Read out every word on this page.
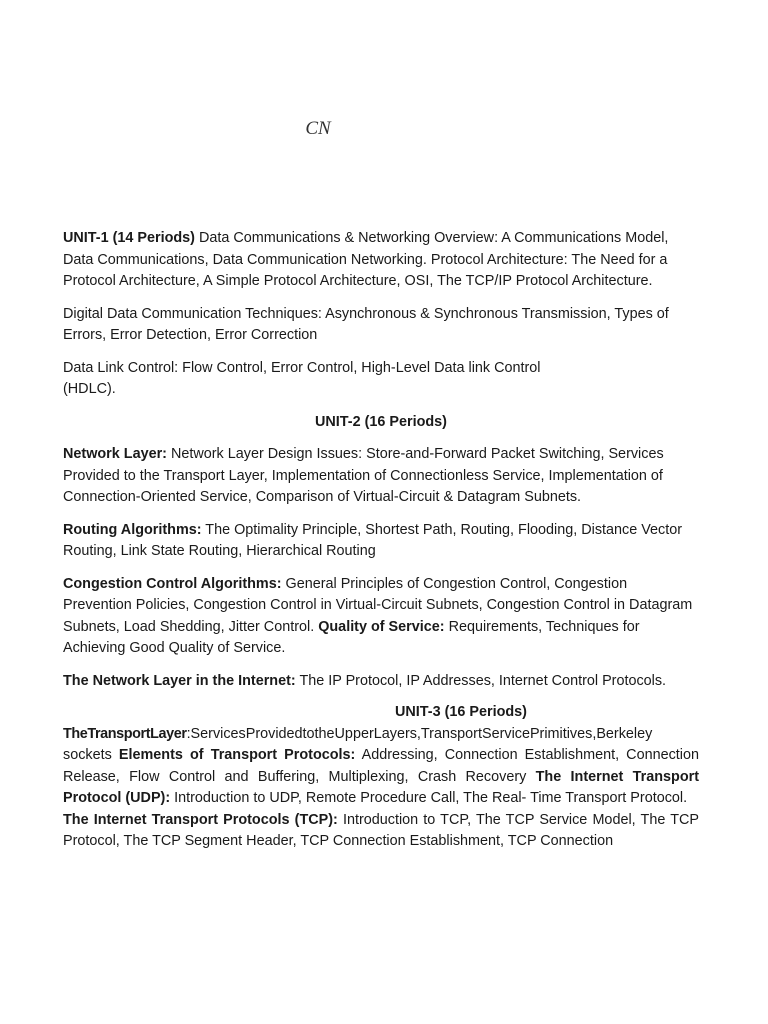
CN

UNIT-1 (14 Periods) Data Communications & Networking Overview: A Communications Model, Data Communications, Data Communication Networking. Protocol Architecture: The Need for a Protocol Architecture, A Simple Protocol Architecture, OSI, The TCP/IP Protocol Architecture.

Digital Data Communication Techniques: Asynchronous & Synchronous Transmission, Types of Errors, Error Detection, Error Correction

Data Link Control: Flow Control, Error Control, High-Level Data link Control
(HDLC).

UNIT-2 (16 Periods)

Network Layer: Network Layer Design Issues: Store-and-Forward Packet Switching, Services Provided to the Transport Layer, Implementation of Connectionless Service, Implementation of Connection-Oriented Service, Comparison of Virtual-Circuit & Datagram Subnets.

Routing Algorithms: The Optimality Principle, Shortest Path, Routing, Flooding, Distance Vector Routing, Link State Routing, Hierarchical Routing

Congestion Control Algorithms: General Principles of Congestion Control, Congestion Prevention Policies, Congestion Control in Virtual-Circuit Subnets, Congestion Control in Datagram Subnets, Load Shedding, Jitter Control. Quality of Service: Requirements, Techniques for Achieving Good Quality of Service.

The Network Layer in the Internet: The IP Protocol, IP Addresses, Internet Control Protocols.

UNIT-3 (16 Periods)

TheTransportLayer:ServicesProvidedtotheUpperLayers,TransportServicePrimitives,Berkeley sockets Elements of Transport Protocols: Addressing, Connection Establishment, Connection Release, Flow Control and Buffering, Multiplexing, Crash Recovery The Internet Transport Protocol (UDP): Introduction to UDP, Remote Procedure Call, The Real- Time Transport Protocol.
The Internet Transport Protocols (TCP): Introduction to TCP, The TCP Service Model, The TCP Protocol, The TCP Segment Header, TCP Connection Establishment, TCP Connection
